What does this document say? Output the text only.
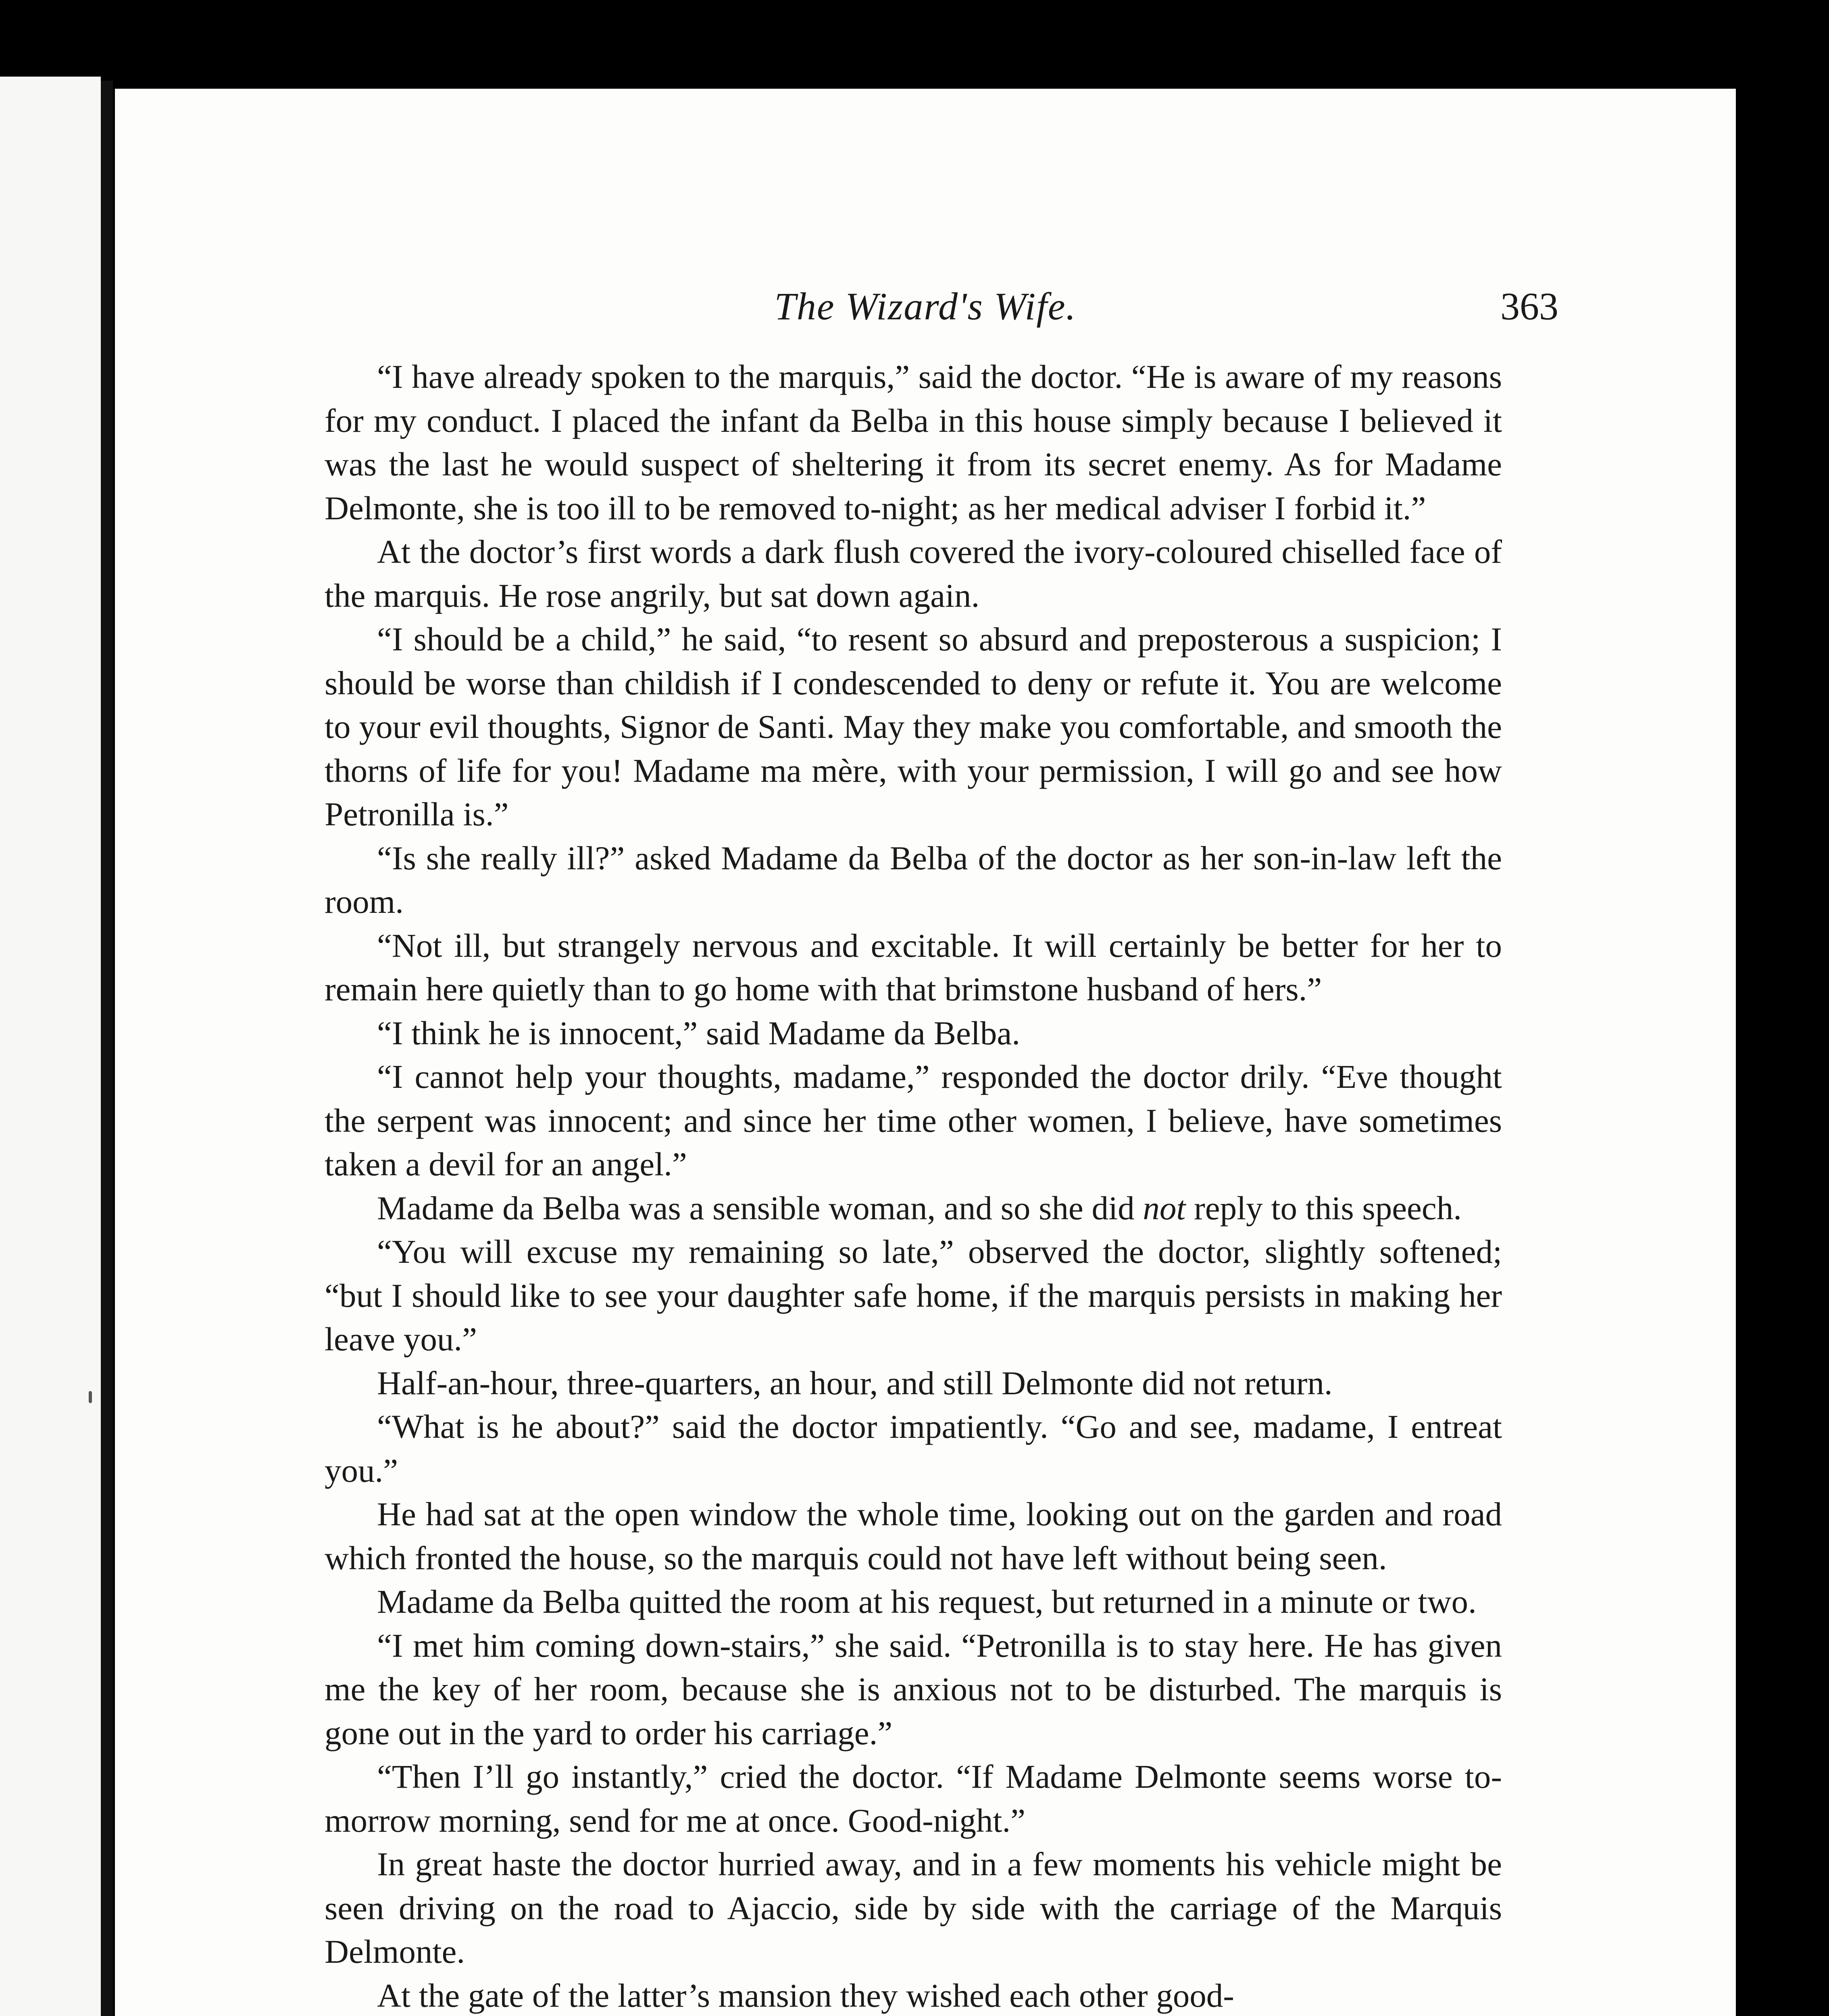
The Wizard's Wife.	363

“I have already spoken to the marquis,” said the doctor. “He is aware of my reasons for my conduct. I placed the infant da Belba in this house simply because I believed it was the last he would suspect of sheltering it from its secret enemy. As for Madame Delmonte, she is too ill to be removed to-night; as her medical adviser I forbid it.”

At the doctor’s first words a dark flush covered the ivory-coloured chiselled face of the marquis. He rose angrily, but sat down again.

“I should be a child,” he said, “to resent so absurd and preposterous a suspicion; I should be worse than childish if I condescended to deny or refute it. You are welcome to your evil thoughts, Signor de Santi. May they make you comfortable, and smooth the thorns of life for you! Madame ma mère, with your permission, I will go and see how Petronilla is.”

“Is she really ill?” asked Madame da Belba of the doctor as her son-in-law left the room.

“Not ill, but strangely nervous and excitable. It will certainly be better for her to remain here quietly than to go home with that brimstone husband of hers.”

“I think he is innocent,” said Madame da Belba.

“I cannot help your thoughts, madame,” responded the doctor drily. “Eve thought the serpent was innocent; and since her time other women, I believe, have sometimes taken a devil for an angel.”

Madame da Belba was a sensible woman, and so she did not reply to this speech.

“You will excuse my remaining so late,” observed the doctor, slightly softened; “but I should like to see your daughter safe home, if the marquis persists in making her leave you.”

Half-an-hour, three-quarters, an hour, and still Delmonte did not return.

“What is he about?” said the doctor impatiently. “Go and see, madame, I entreat you.”

He had sat at the open window the whole time, looking out on the garden and road which fronted the house, so the marquis could not have left without being seen.

Madame da Belba quitted the room at his request, but returned in a minute or two.

“I met him coming down-stairs,” she said. “Petronilla is to stay here. He has given me the key of her room, because she is anxious not to be disturbed. The marquis is gone out in the yard to order his carriage.”

“Then I’ll go instantly,” cried the doctor. “If Madame Delmonte seems worse to-morrow morning, send for me at once. Good-night.”

In great haste the doctor hurried away, and in a few moments his vehicle might be seen driving on the road to Ajaccio, side by side with the carriage of the Marquis Delmonte.

At the gate of the latter’s mansion they wished each other good-
